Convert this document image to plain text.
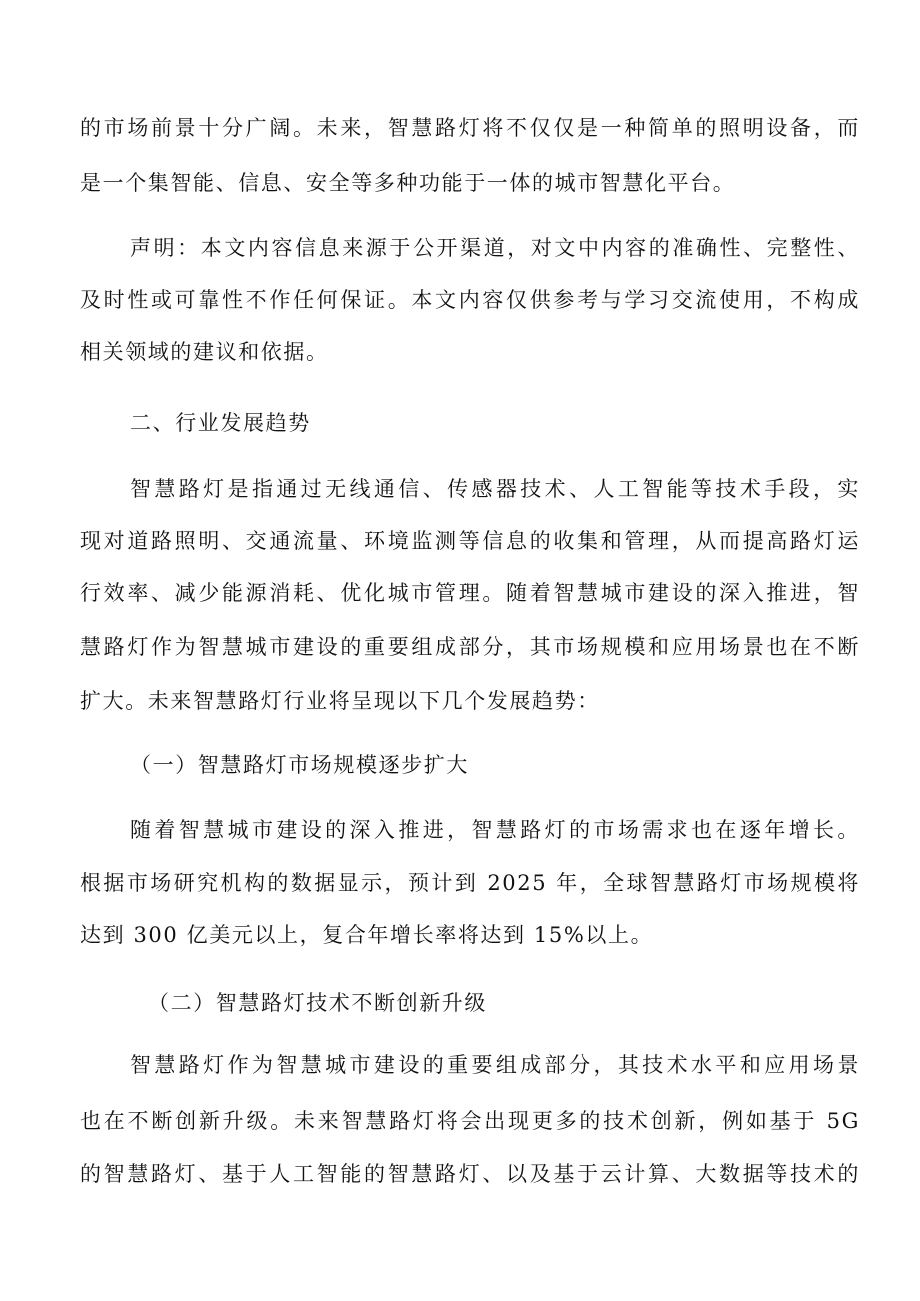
的市场前景十分广阔。未来，智慧路灯将不仅仅是一种简单的照明设备，而
是一个集智能、信息、安全等多种功能于一体的城市智慧化平台。
声明：本文内容信息来源于公开渠道，对文中内容的准确性、完整性、
及时性或可靠性不作任何保证。本文内容仅供参考与学习交流使用，不构成
相关领域的建议和依据。
二、行业发展趋势
智慧路灯是指通过无线通信、传感器技术、人工智能等技术手段，实
现对道路照明、交通流量、环境监测等信息的收集和管理，从而提高路灯运
行效率、减少能源消耗、优化城市管理。随着智慧城市建设的深入推进，智
慧路灯作为智慧城市建设的重要组成部分，其市场规模和应用场景也在不断
扩大。未来智慧路灯行业将呈现以下几个发展趋势：
（一）智慧路灯市场规模逐步扩大
随着智慧城市建设的深入推进，智慧路灯的市场需求也在逐年增长。
根据市场研究机构的数据显示，预计到 2025 年，全球智慧路灯市场规模将
达到 300 亿美元以上，复合年增长率将达到 15%以上。
（二）智慧路灯技术不断创新升级
智慧路灯作为智慧城市建设的重要组成部分，其技术水平和应用场景
也在不断创新升级。未来智慧路灯将会出现更多的技术创新，例如基于 5G
的智慧路灯、基于人工智能的智慧路灯、以及基于云计算、大数据等技术的
